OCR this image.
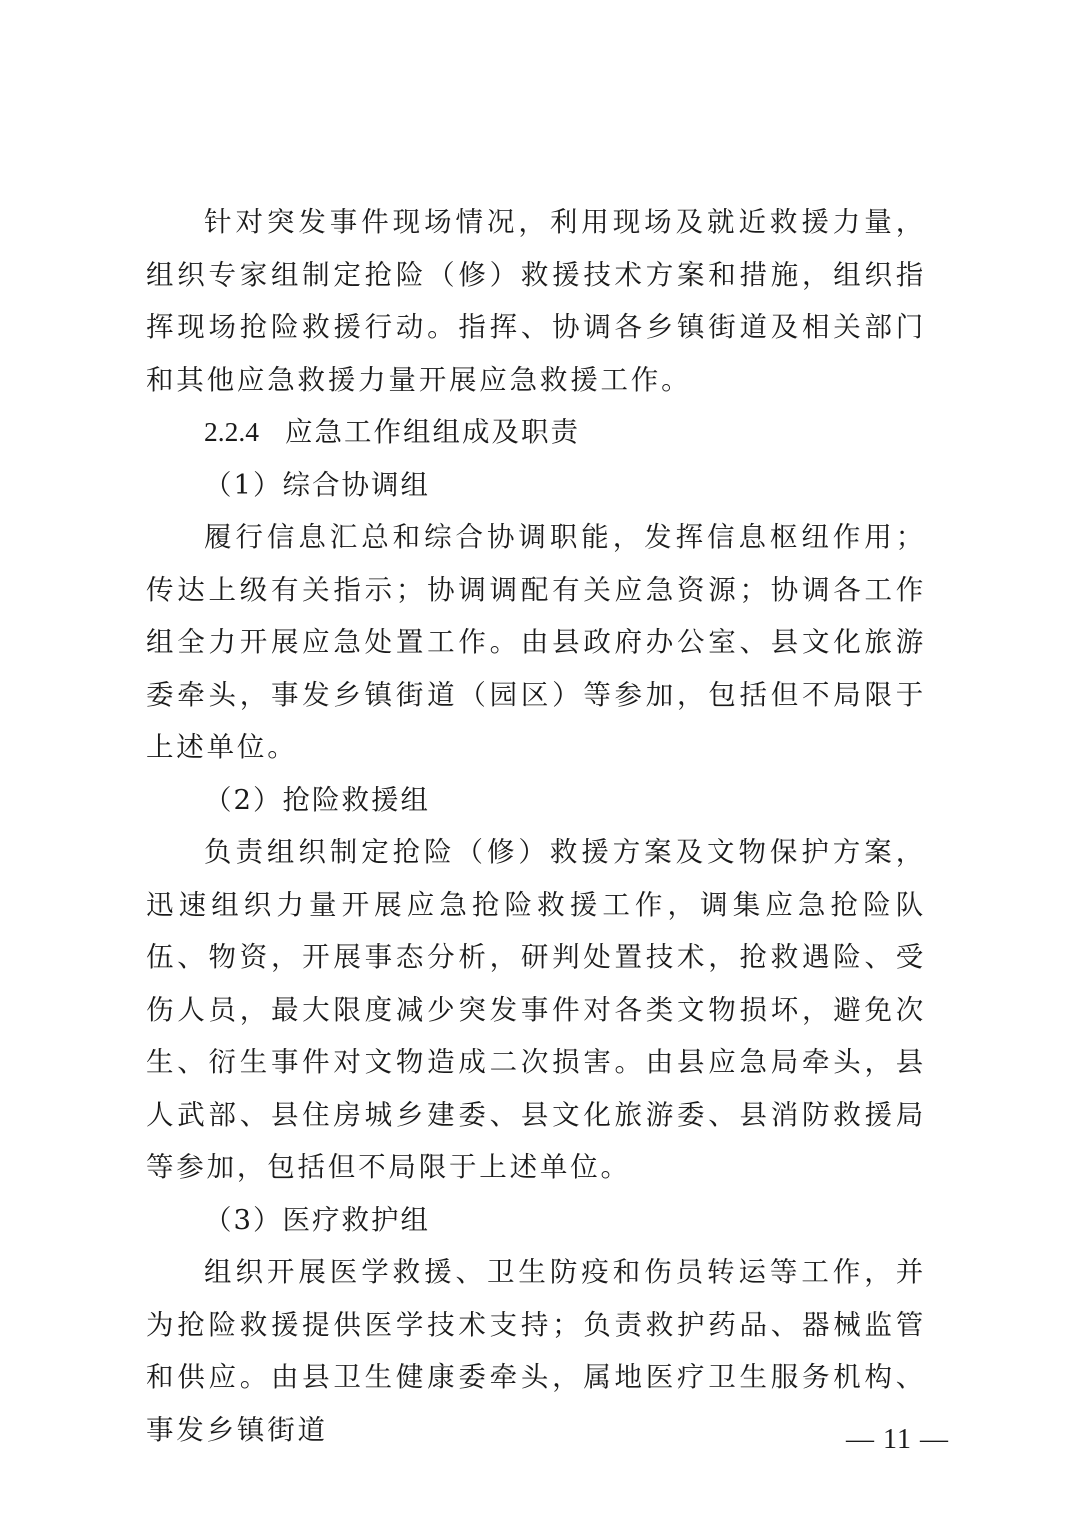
针对突发事件现场情况，利用现场及就近救援力量，组织专家组制定抢险（修）救援技术方案和措施，组织指挥现场抢险救援行动。指挥、协调各乡镇街道及相关部门和其他应急救援力量开展应急救援工作。

2.2.4 应急工作组组成及职责

（1）综合协调组

履行信息汇总和综合协调职能，发挥信息枢纽作用；传达上级有关指示；协调调配有关应急资源；协调各工作组全力开展应急处置工作。由县政府办公室、县文化旅游委牵头，事发乡镇街道（园区）等参加，包括但不局限于上述单位。

（2）抢险救援组

负责组织制定抢险（修）救援方案及文物保护方案，迅速组织力量开展应急抢险救援工作，调集应急抢险队伍、物资，开展事态分析，研判处置技术，抢救遇险、受伤人员，最大限度减少突发事件对各类文物损坏，避免次生、衍生事件对文物造成二次损害。由县应急局牵头，县人武部、县住房城乡建委、县文化旅游委、县消防救援局等参加，包括但不局限于上述单位。

（3）医疗救护组

组织开展医学救援、卫生防疫和伤员转运等工作，并为抢险救援提供医学技术支持；负责救护药品、器械监管和供应。由县卫生健康委牵头，属地医疗卫生服务机构、事发乡镇街道	— 11 —
